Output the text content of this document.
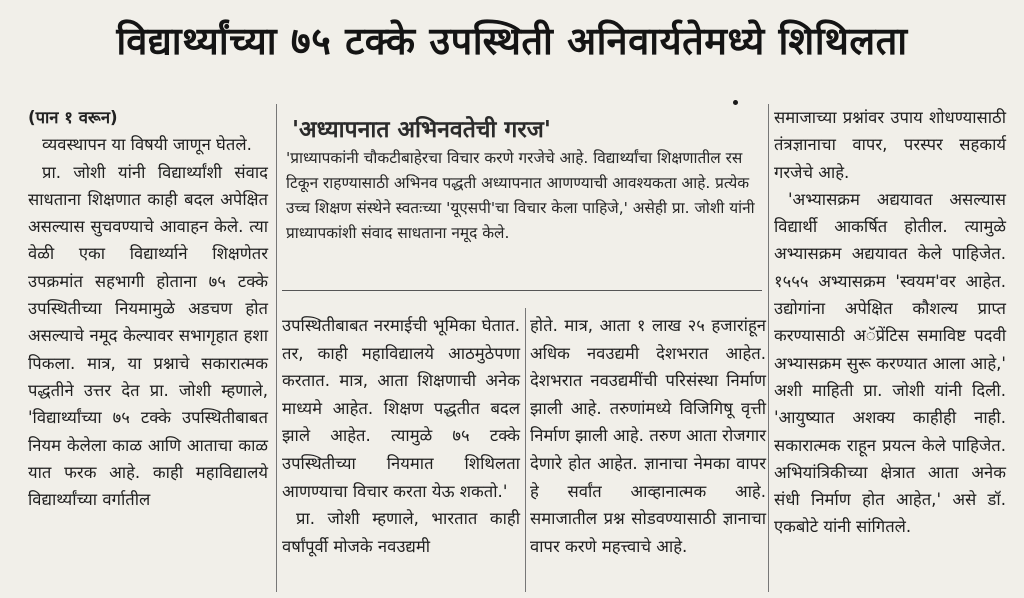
विद्यार्थ्यांच्या ७५ टक्के उपस्थिती अनिवार्यतेमध्ये शिथिलता

(पान १ वरून)

व्यवस्थापन या विषयी जाणून घेतले.

प्रा. जोशी यांनी विद्यार्थ्यांशी संवाद साधताना शिक्षणात काही बदल अपेक्षित असल्यास सुचवण्याचे आवाहन केले. त्या वेळी एका विद्यार्थ्याने शिक्षणेतर उपक्रमांत सहभागी होताना ७५ टक्के उपस्थितीच्या नियमामुळे अडचण होत असल्याचे नमूद केल्यावर सभागृहात हशा पिकला. मात्र, या प्रश्नाचे सकारात्मक पद्धतीने उत्तर देत प्रा. जोशी म्हणाले, 'विद्यार्थ्यांच्या ७५ टक्के उपस्थितीबाबत नियम केलेला काळ आणि आताचा काळ यात फरक आहे. काही महाविद्यालये विद्यार्थ्यांच्या वर्गातील

'अध्यापनात अभिनवतेची गरज'
'प्राध्यापकांनी चौकटीबाहेरचा विचार करणे गरजेचे आहे. विद्यार्थ्यांचा शिक्षणातील रस टिकून राहण्यासाठी अभिनव पद्धती अध्यापनात आणण्याची आवश्यकता आहे. प्रत्येक उच्च शिक्षण संस्थेने स्वतःच्या 'यूएसपी'चा विचार केला पाहिजे,' असेही प्रा. जोशी यांनी प्राध्यापकांशी संवाद साधताना नमूद केले.

उपस्थितीबाबत नरमाईची भूमिका घेतात. तर, काही महाविद्यालये आठमुठेपणा करतात. मात्र, आता शिक्षणाची अनेक माध्यमे आहेत. शिक्षण पद्धतीत बदल झाले आहेत. त्यामुळे ७५ टक्के उपस्थितीच्या नियमात शिथिलता आणण्याचा विचार करता येऊ शकतो.'

प्रा. जोशी म्हणाले, भारतात काही वर्षांपूर्वी मोजके नवउद्यमी

होते. मात्र, आता १ लाख २५ हजारांहून अधिक नवउद्यमी देशभरात आहेत. देशभरात नवउद्यमींची परिसंस्था निर्माण झाली आहे. तरुणांमध्ये विजिगिषू वृत्ती निर्माण झाली आहे. तरुण आता रोजगार देणारे होत आहेत. ज्ञानाचा नेमका वापर हे सर्वांत आव्हानात्मक आहे. समाजातील प्रश्न सोडवण्यासाठी ज्ञानाचा वापर करणे महत्त्वाचे आहे.

समाजाच्या प्रश्नांवर उपाय शोधण्यासाठी तंत्रज्ञानाचा वापर, परस्पर सहकार्य गरजेचे आहे.

'अभ्यासक्रम अद्ययावत असल्यास विद्यार्थी आकर्षित होतील. त्यामुळे अभ्यासक्रम अद्ययावत केले पाहिजेत. १५५५ अभ्यासक्रम 'स्वयम'वर आहेत. उद्योगांना अपेक्षित कौशल्य प्राप्त करण्यासाठी अॅप्रेंटिस समाविष्ट पदवी अभ्यासक्रम सुरू करण्यात आला आहे,' अशी माहिती प्रा. जोशी यांनी दिली. 'आयुष्यात अशक्य काहीही नाही. सकारात्मक राहून प्रयत्न केले पाहिजेत. अभियांत्रिकीच्या क्षेत्रात आता अनेक संधी निर्माण होत आहेत,' असे डॉ. एकबोटे यांनी सांगितले.
